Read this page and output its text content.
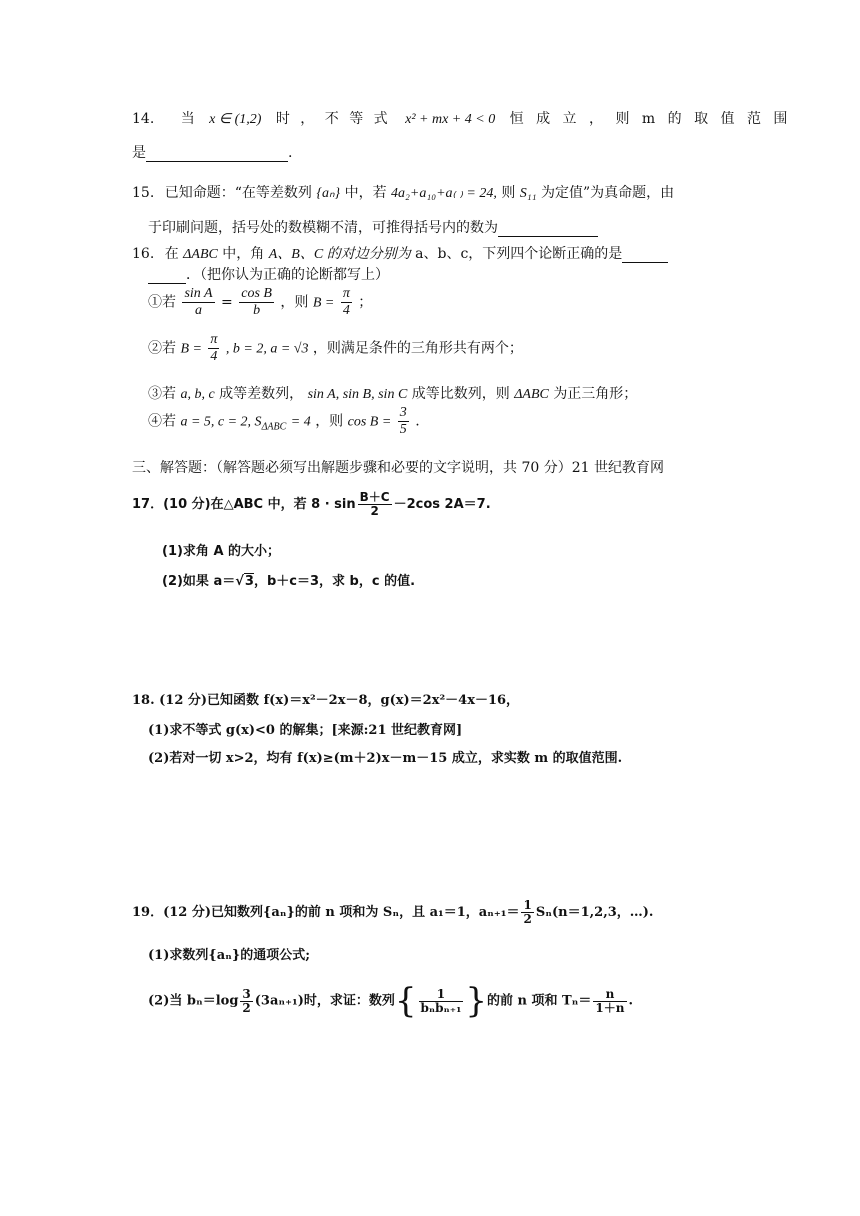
14. 当 x ∈ (1,2) 时 ， 不 等 式 x² + mx + 4 < 0 恒 成 立 ， 则 m 的 取 值 范 围
是	.
15. 已知命题：“在等差数列 {aₙ} 中，若 4a₂+a₁₀+a₍ ₎ = 24, 则 S₁₁ 为定值”为真命题，由
于印刷问题，括号处的数模糊不清，可推得括号内的数为
16. 在 ΔABC 中，角 A、B、C 的对边分别为 a、b、c，下列四个论断正确的是
．（把你认为正确的论断都写上）
①若 $\frac{\text{sin A}}{a} = \frac{\text{cos B}}{b}$ ，则 $B = \frac{\pi}{4}$ ；
②若 $B = \frac{\pi}{4}$ , b = 2, a = √3 ，则满足条件的三角形共有两个；
③若 a, b, c 成等差数列， sin A, sin B, sin C 成等比数列，则 ΔABC 为正三角形；
④若 a = 5, c = 2, $S_{\Delta ABC} = 4$ ，则 $\cos B = \frac{3}{5}$ .
三、解答题：（解答题必须写出解题步骤和必要的文字说明，共 70 分）21 世纪教育网
17．(10 分)在△ABC 中，若 $8 \cdot \sin \frac{B+C}{2} -2\cos$ 2A＝7.
(1)求角 A 的大小；
(2)如果 a＝√3，b＋c＝3，求 b，c 的值.
18. (12 分)已知函数 f(x)＝x²－2x－8，g(x)＝2x²－4x－16，
(1)求不等式 g(x)<0 的解集；[来源:21 世纪教育网]
(2)若对一切 x>2，均有 f(x)≥(m＋2)x－m－15 成立，求实数 m 的取值范围.
19．(12 分)已知数列{aₙ}的前 n 项和为 Sₙ，且 a₁＝1，$a_{n+1}= \frac{1}{2} S_n(n=1,2,3$，…).
(1)求数列{aₙ}的通项公式;
(2)当 $b_n=\log \frac{3}{2} (3a_{n+1})$时，求证：数列{ $\frac{1}{\text{bₙbₙ₊₁}}$ }的前 n 项和 $T_n= \frac{n}{1+n}$ .
